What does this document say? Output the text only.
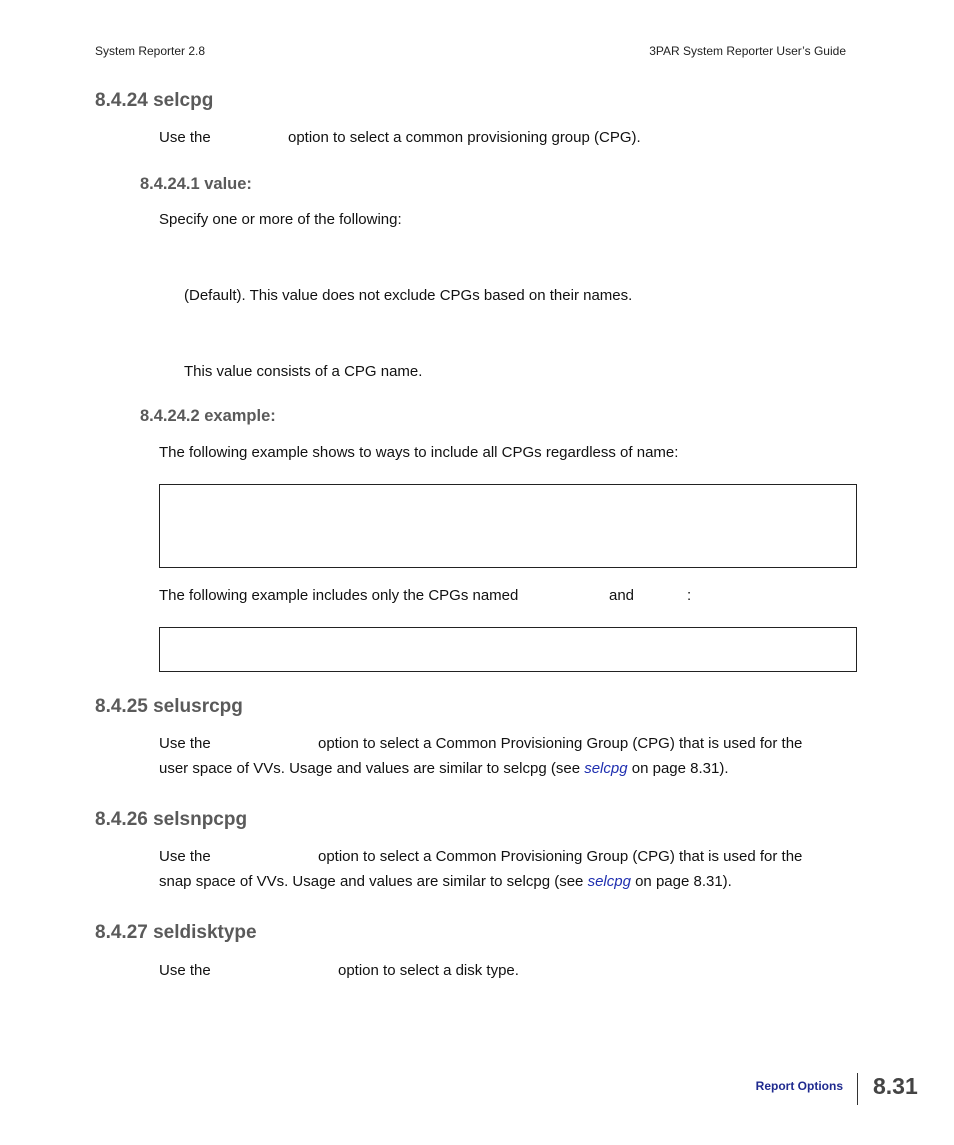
System Reporter 2.8	3PAR System Reporter User’s Guide
8.4.24 selcpg
Use the	option to select a common provisioning group (CPG).
8.4.24.1 value:
Specify one or more of the following:
(Default). This value does not exclude CPGs based on their names.
This value consists of a CPG name.
8.4.24.2 example:
The following example shows to ways to include all CPGs regardless of name:
The following example includes only the CPGs named	and	:
8.4.25 selusrcpg
Use the	option to select a Common Provisioning Group (CPG) that is used for the
user space of VVs. Usage and values are similar to selcpg (see selcpg on page 8.31).
8.4.26 selsnpcpg
Use the	option to select a Common Provisioning Group (CPG) that is used for the
snap space of VVs. Usage and values are similar to selcpg (see selcpg on page 8.31).
8.4.27 seldisktype
Use the	option to select a disk type.
Report Options 8.31
